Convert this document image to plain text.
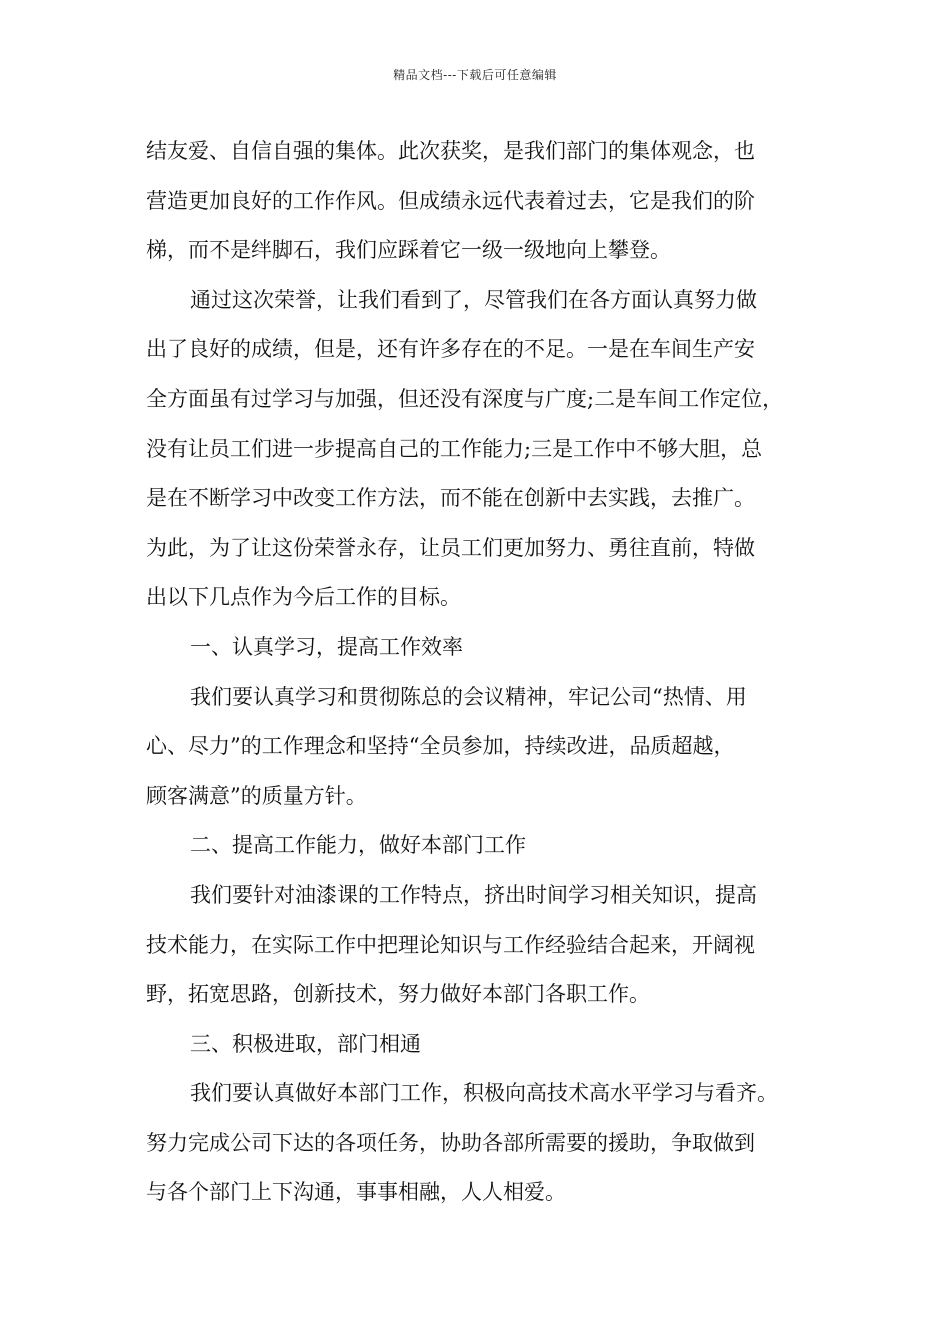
精品文档---下载后可任意编辑
结友爱、自信自强的集体。此次获奖，是我们部门的集体观念，也
营造更加良好的工作作风。但成绩永远代表着过去，它是我们的阶
梯，而不是绊脚石，我们应踩着它一级一级地向上攀登。
通过这次荣誉，让我们看到了，尽管我们在各方面认真努力做
出了良好的成绩，但是，还有许多存在的不足。一是在车间生产安
全方面虽有过学习与加强，但还没有深度与广度;二是车间工作定位，
没有让员工们进一步提高自己的工作能力;三是工作中不够大胆，总
是在不断学习中改变工作方法，而不能在创新中去实践，去推广。
为此，为了让这份荣誉永存，让员工们更加努力、勇往直前，特做
出以下几点作为今后工作的目标。
一、认真学习，提高工作效率
我们要认真学习和贯彻陈总的会议精神，牢记公司“热情、用
心、尽力”的工作理念和坚持“全员参加，持续改进，品质超越，
顾客满意”的质量方针。
二、提高工作能力，做好本部门工作
我们要针对油漆课的工作特点，挤出时间学习相关知识，提高
技术能力，在实际工作中把理论知识与工作经验结合起来，开阔视
野，拓宽思路，创新技术，努力做好本部门各职工作。
三、积极进取，部门相通
我们要认真做好本部门工作，积极向高技术高水平学习与看齐。
努力完成公司下达的各项任务，协助各部所需要的援助，争取做到
与各个部门上下沟通，事事相融，人人相爱。
